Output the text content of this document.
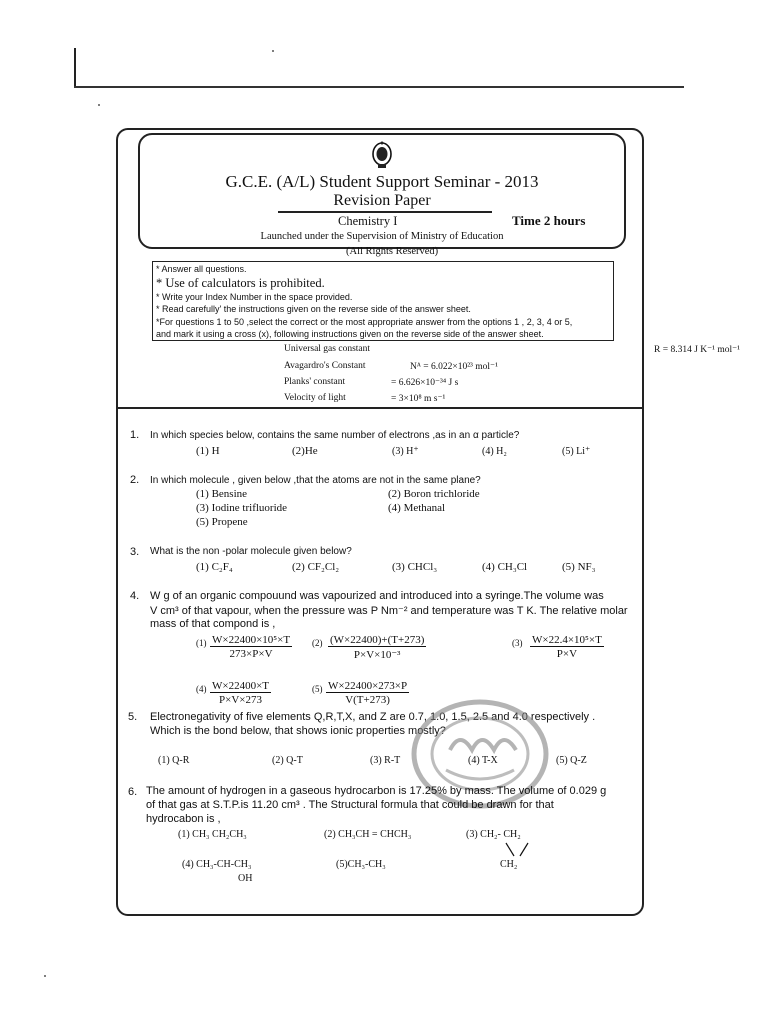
G.C.E. (A/L) Student Support Seminar - 2013
Revision Paper
Chemistry I	Time 2 hours
Launched under the Supervision of Ministry of Education
(All Rights Reserved)
* Answer all questions.
* Use of calculators is prohibited.
* Write your Index Number in the space provided.
* Read carefully' the instructions given on the reverse side of the answer sheet.
*For questions 1 to 50 ,select the correct or the most appropriate answer from the options 1 , 2, 3, 4 or 5,
and mark it using a cross (x), following instructions given on the reverse side of the answer sheet.
Universal gas constant	R = 8.314 J K⁻¹ mol⁻¹
Avagardro's Constant	Nᴬ = 6.022×10²³ mol⁻¹
Planks' constant	= 6.626×10⁻³⁴ J s
Velocity of light	= 3×10⁸ m s⁻¹
1. In which species below, contains the same number of electrons ,as in an α particle?
(1) H	(2)He	(3) H⁺	(4) H₂	(5) Li⁺
2. In which molecule , given below ,that the atoms are not in the same plane?
(1) Bensine	(2) Boron trichloride
(3) Iodine trifluoride	(4) Methanal
(5) Propene
3. What is the non -polar molecule given below?
(1) C₂F₄	(2) CF₂Cl₂	(3) CHCl₃	(4) CH₃Cl	(5) NF₃
4. W g of an organic compouund was vapourized and introduced into a syringe.The volume was
V cm³ of that vapour, when the pressure was P Nm⁻² and temperature was T K. The relative molar
mass of that compond is ,
$(1) \frac{\text{W×22400×10⁵×T}}{273\times P\times V} (2) \frac{(W\times 22400)+(T+273)}{\text{P×V×10⁻³}}$	$(3) \frac{\text{W×22.4×10⁵×T}}{P\times V}$
$(4) \frac{W\times 22400\times T}{P\times V\times 273}$	$(5) \frac{W\times 22400\times 273\times P}{V(T+273)}$
5. Electronegativity of five elements Q,R,T,X, and Z are 0.7, 1.0, 1.5, 2.5 and 4.0 respectively .
Which is the bond below, that shows ionic properties mostly?
(1) Q-R	(2) Q-T	(3) R-T	(4) T-X	(5) Q-Z
6. The amount of hydrogen in a gaseous hydrocarbon is 17.25% by mass. The volume of 0.029 g
of that gas at S.T.P.is 11.20 cm³ . The Structural formula that could be drawn for that
hydrocabon is ,
(1) CH₃ CH₂CH₃	(2) CH₃CH = CHCH₃	(3) CH₂- CH₂
CH₂
(4) CH₃-CH-CH₃
OH
(5)CH₃-CH₃
